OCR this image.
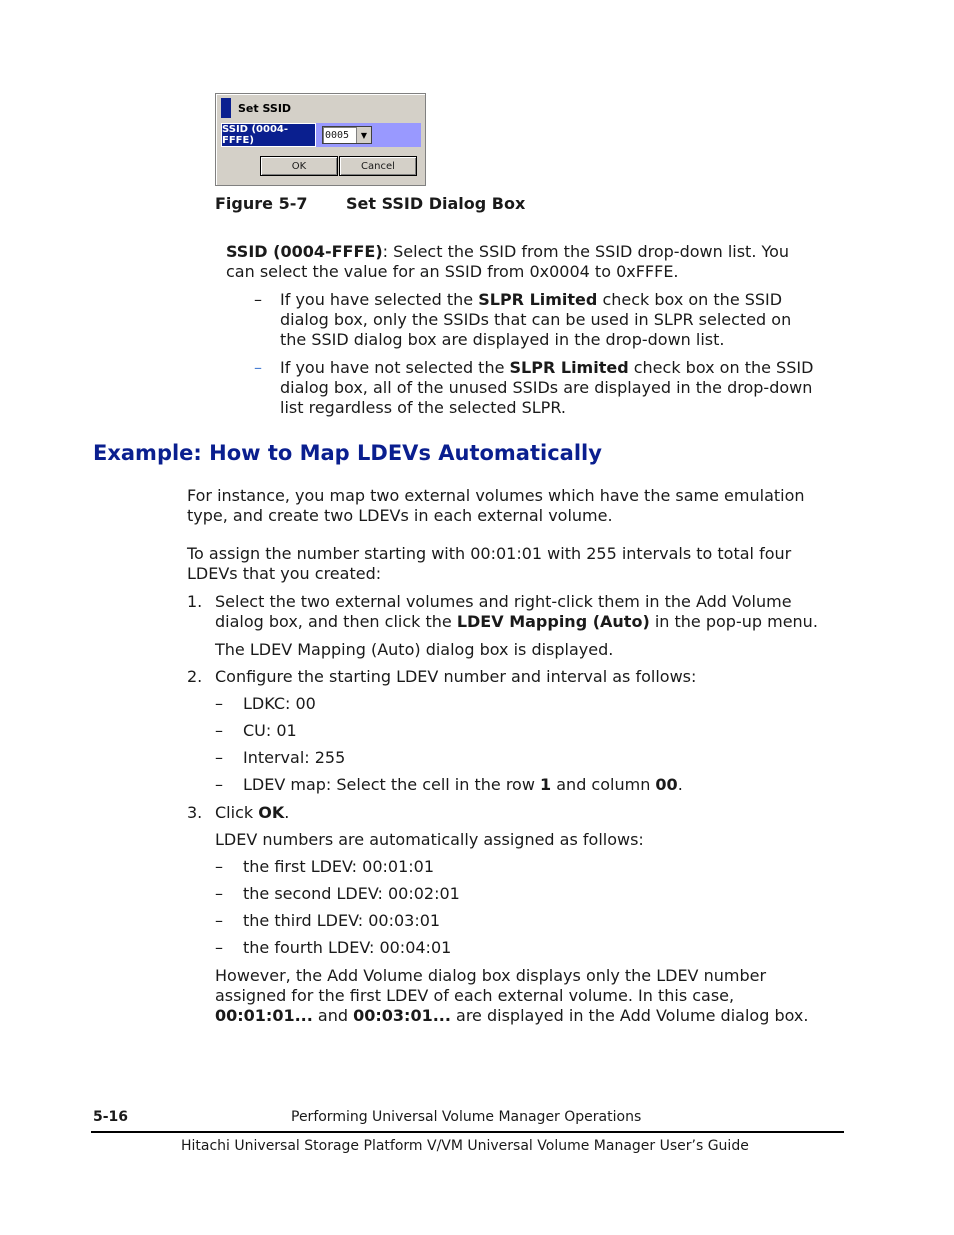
Set SSID
SSID (0004-FFFE)	0005	▼
OK	Cancel
Figure 5-7 Set SSID Dialog Box
SSID (0004-FFFE): Select the SSID from the SSID drop-down list. You
can select the value for an SSID from 0x0004 to 0xFFFE.
– If you have selected the SLPR Limited check box on the SSID
dialog box, only the SSIDs that can be used in SLPR selected on
the SSID dialog box are displayed in the drop-down list.
– If you have not selected the SLPR Limited check box on the SSID
dialog box, all of the unused SSIDs are displayed in the drop-down
list regardless of the selected SLPR.
Example: How to Map LDEVs Automatically
For instance, you map two external volumes which have the same emulation
type, and create two LDEVs in each external volume.
To assign the number starting with 00:01:01 with 255 intervals to total four
LDEVs that you created:
1. Select the two external volumes and right-click them in the Add Volume
dialog box, and then click the LDEV Mapping (Auto) in the pop-up menu.
The LDEV Mapping (Auto) dialog box is displayed.
2. Configure the starting LDEV number and interval as follows:
– LDKC: 00
– CU: 01
– Interval: 255
– LDEV map: Select the cell in the row 1 and column 00.
3. Click OK.
LDEV numbers are automatically assigned as follows:
– the first LDEV: 00:01:01
– the second LDEV: 00:02:01
– the third LDEV: 00:03:01
– the fourth LDEV: 00:04:01
However, the Add Volume dialog box displays only the LDEV number
assigned for the first LDEV of each external volume. In this case,
00:01:01... and 00:03:01... are displayed in the Add Volume dialog box.
5-16	Performing Universal Volume Manager Operations
Hitachi Universal Storage Platform V/VM Universal Volume Manager User’s Guide
